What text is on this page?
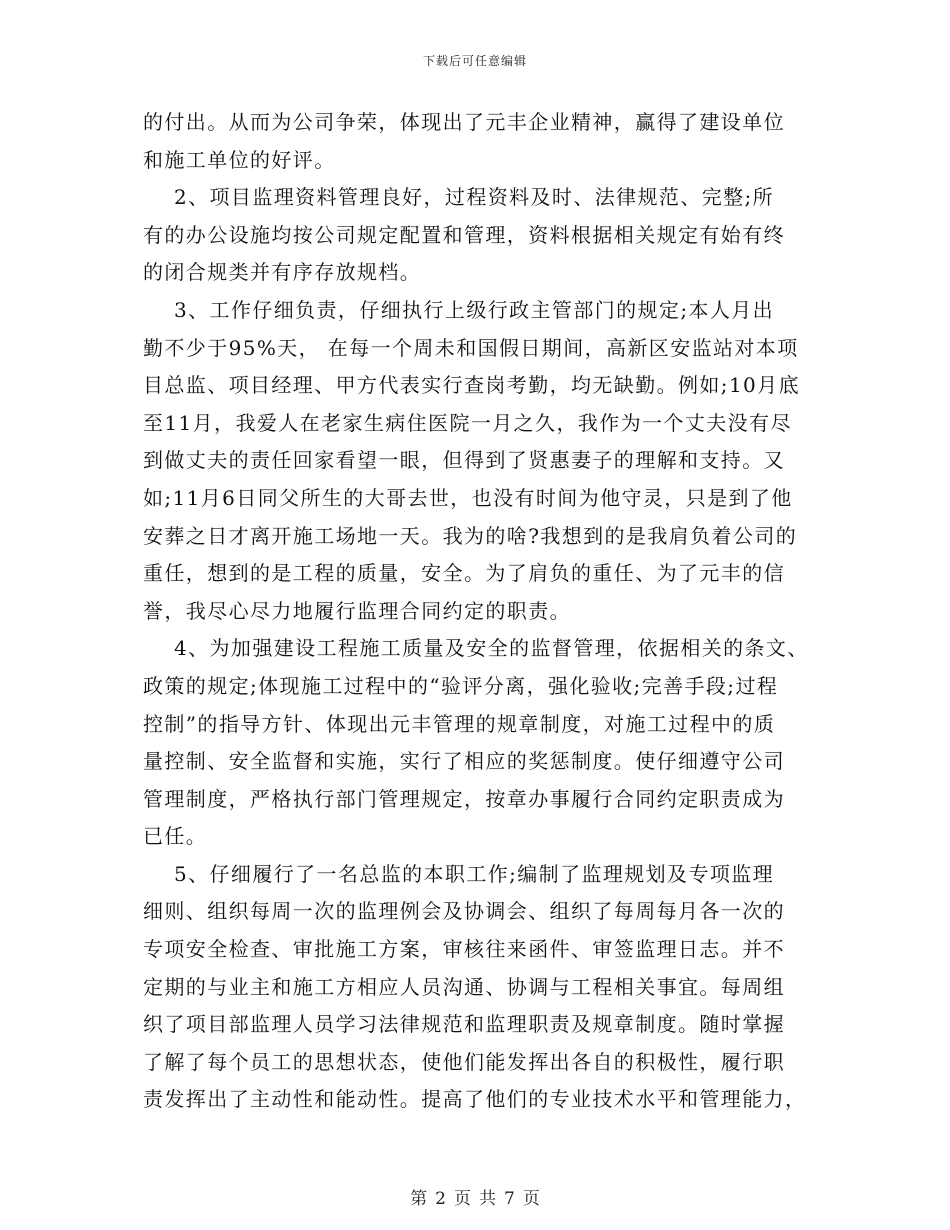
下载后可任意编辑
的付出。从而为公司争荣，体现出了元丰企业精神，赢得了建设单位
和施工单位的好评。
2、项目监理资料管理良好，过程资料及时、法律规范、完整;所
有的办公设施均按公司规定配置和管理，资料根据相关规定有始有终
的闭合规类并有序存放规档。
3、工作仔细负责，仔细执行上级行政主管部门的规定;本人月出
勤不少于95%天， 在每一个周未和国假日期间，高新区安监站对本项
目总监、项目经理、甲方代表实行查岗考勤，均无缺勤。例如;10月底
至11月，我爱人在老家生病住医院一月之久，我作为一个丈夫没有尽
到做丈夫的责任回家看望一眼，但得到了贤惠妻子的理解和支持。又
如;11月6日同父所生的大哥去世，也没有时间为他守灵，只是到了他
安葬之日才离开施工场地一天。我为的啥?我想到的是我肩负着公司的
重任，想到的是工程的质量，安全。为了肩负的重任、为了元丰的信
誉，我尽心尽力地履行监理合同约定的职责。
4、为加强建设工程施工质量及安全的监督管理，依据相关的条文、
政策的规定;体现施工过程中的“验评分离，强化验收;完善手段;过程
控制”的指导方针、体现出元丰管理的规章制度，对施工过程中的质
量控制、安全监督和实施，实行了相应的奖惩制度。使仔细遵守公司
管理制度，严格执行部门管理规定，按章办事履行合同约定职责成为
已任。
5、仔细履行了一名总监的本职工作;编制了监理规划及专项监理
细则、组织每周一次的监理例会及协调会、组织了每周每月各一次的
专项安全检查、审批施工方案，审核往来函件、审签监理日志。并不
定期的与业主和施工方相应人员沟通、协调与工程相关事宜。每周组
织了项目部监理人员学习法律规范和监理职责及规章制度。随时掌握
了解了每个员工的思想状态，使他们能发挥出各自的积极性，履行职
责发挥出了主动性和能动性。提高了他们的专业技术水平和管理能力，
第 2 页 共 7 页
